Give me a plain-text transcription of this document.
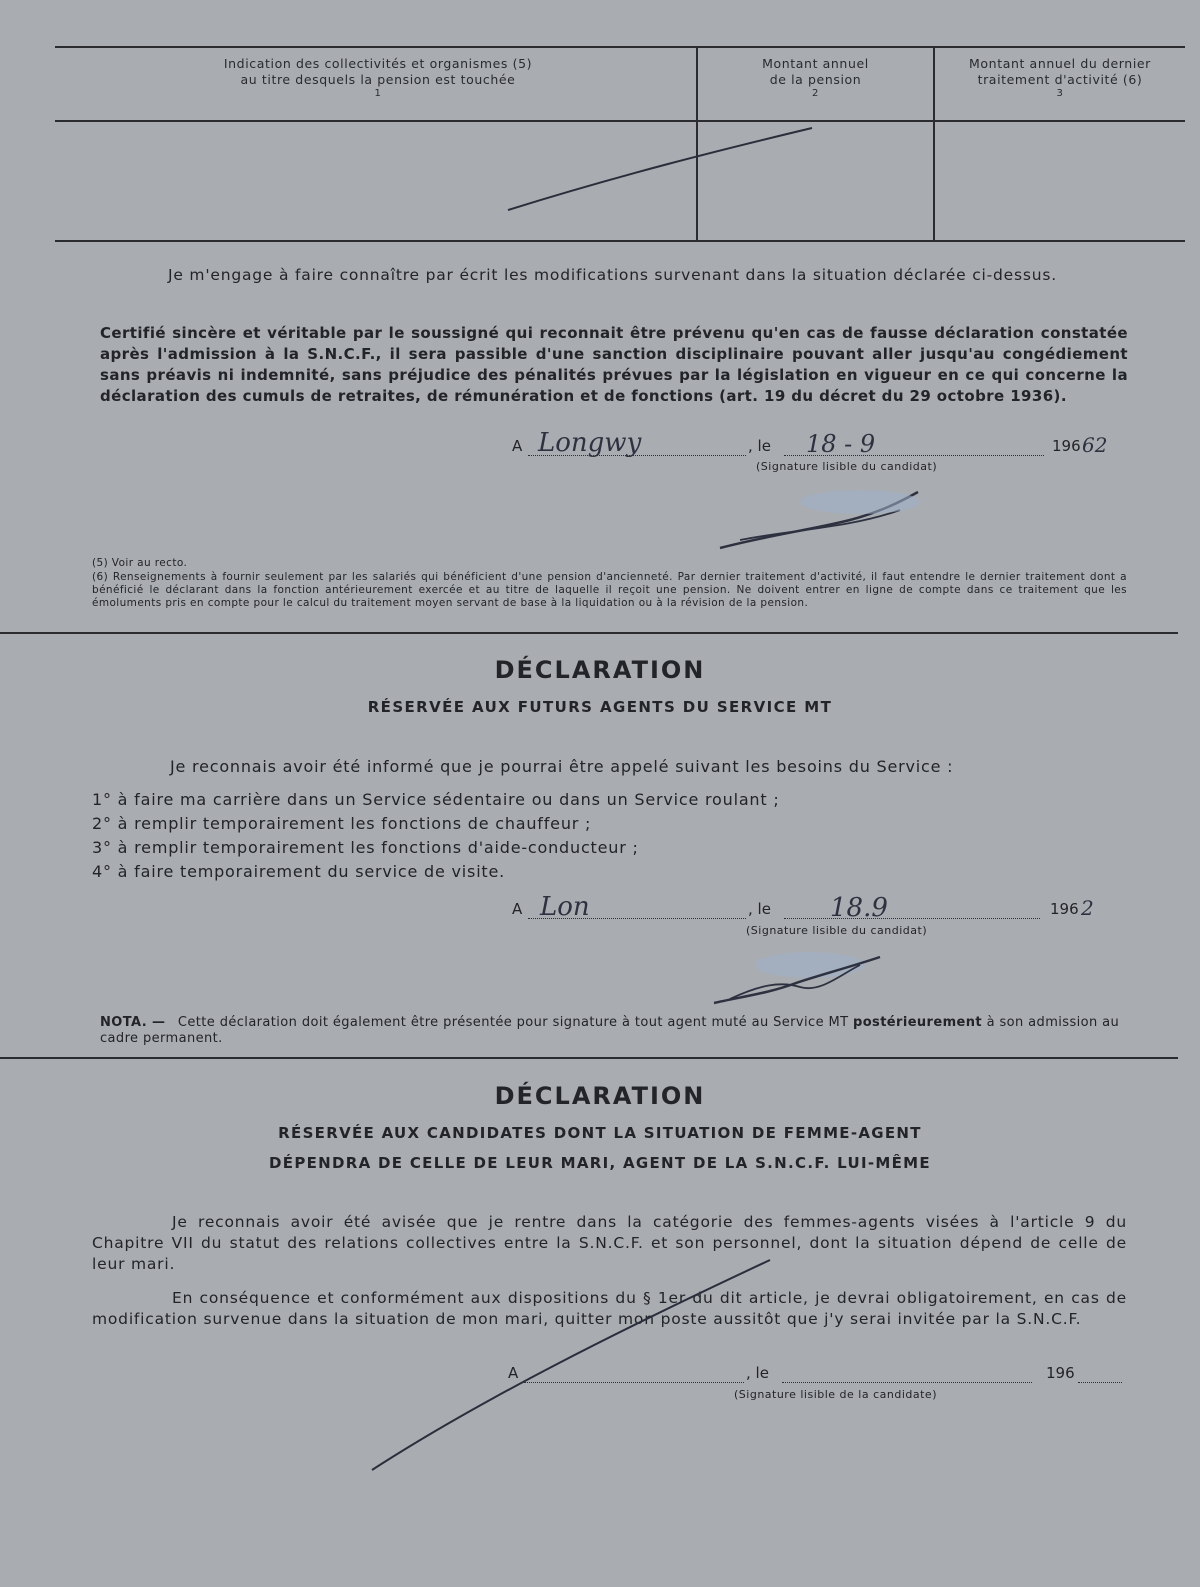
Indication des collectivités et organismes (5)
au titre desquels la pension est touchée
1
Montant annuel
de la pension
2
Montant annuel du dernier
traitement d'activité (6)
3
Je m'engage à faire connaître par écrit les modifications survenant dans la situation déclarée ci-dessus.
Certifié sincère et véritable par le soussigné qui reconnait être prévenu qu'en cas de fausse déclaration constatée après l'admission à la S.N.C.F., il sera passible d'une sanction disciplinaire pouvant aller jusqu'au congédiement sans préavis ni indemnité, sans préjudice des pénalités prévues par la législation en vigueur en ce qui concerne la déclaration des cumuls de retraites, de rémunération et de fonctions (art. 19 du décret du 29 octobre 1936).
A Longwy	, le 18 - 9	196 62
(Signature lisible du candidat)
(5) Voir au recto.
(6) Renseignements à fournir seulement par les salariés qui bénéficient d'une pension d'ancienneté. Par dernier traitement d'activité, il faut entendre le dernier traitement dont a bénéficié le déclarant dans la fonction antérieurement exercée et au titre de laquelle il reçoit une pension. Ne doivent entrer en ligne de compte dans ce traitement que les émoluments pris en compte pour le calcul du traitement moyen servant de base à la liquidation ou à la révision de la pension.
DÉCLARATION
RÉSERVÉE AUX FUTURS AGENTS DU SERVICE MT
Je reconnais avoir été informé que je pourrai être appelé suivant les besoins du Service :
1° à faire ma carrière dans un Service sédentaire ou dans un Service roulant ;
2° à remplir temporairement les fonctions de chauffeur ;
3° à remplir temporairement les fonctions d'aide-conducteur ;
4° à faire temporairement du service de visite.
A Lon	, le 18.9	196 2
(Signature lisible du candidat)
NOTA. — Cette déclaration doit également être présentée pour signature à tout agent muté au Service MT postérieurement à son admission au cadre permanent.
DÉCLARATION
RÉSERVÉE AUX CANDIDATES DONT LA SITUATION DE FEMME-AGENT
DÉPENDRA DE CELLE DE LEUR MARI, AGENT DE LA S.N.C.F. LUI-MÊME
Je reconnais avoir été avisée que je rentre dans la catégorie des femmes-agents visées à l'article 9 du Chapitre VII du statut des relations collectives entre la S.N.C.F. et son personnel, dont la situation dépend de celle de leur mari.
En conséquence et conformément aux dispositions du § 1er du dit article, je devrai obligatoirement, en cas de modification survenue dans la situation de mon mari, quitter mon poste aussitôt que j'y serai invitée par la S.N.C.F.
A	, le	196
(Signature lisible de la candidate)
